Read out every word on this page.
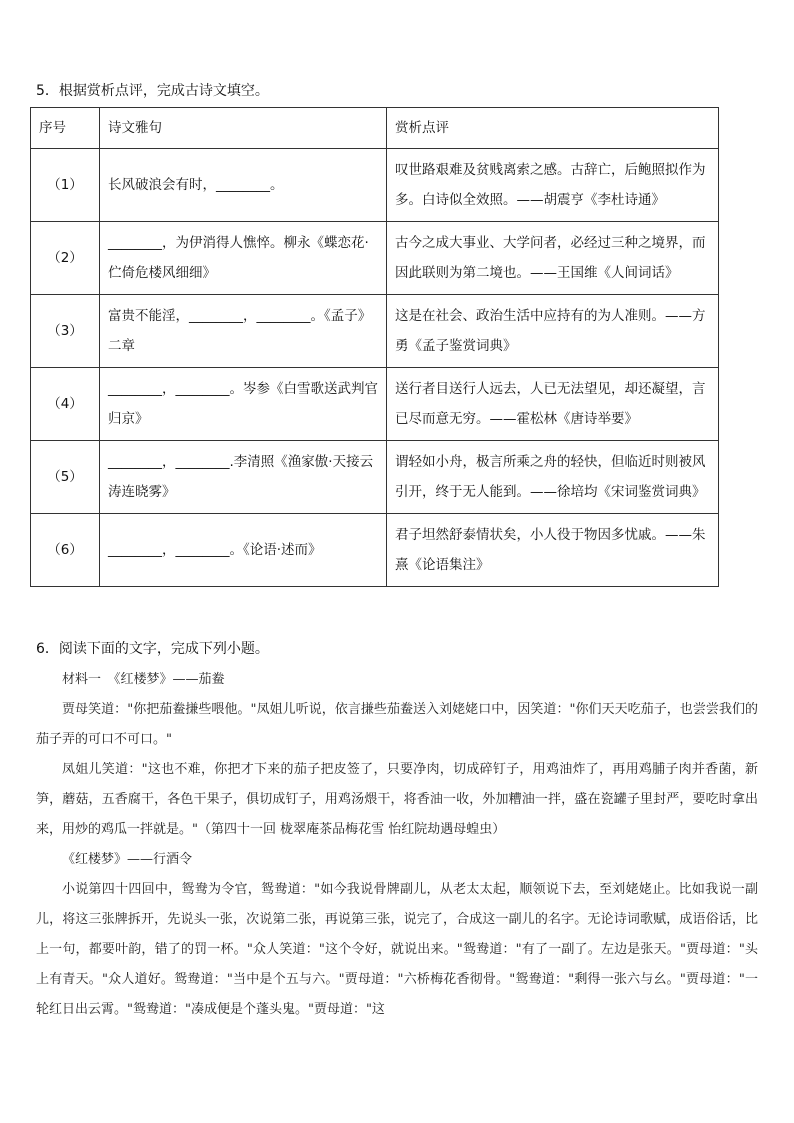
5．根据赏析点评，完成古诗文填空。
序号	诗文雅句	赏析点评
（1）	长风破浪会有时，________。	叹世路艰难及贫贱离索之感。古辞亡，后鲍照拟作为多。白诗似全效照。——胡震亨《李杜诗通》
（2）	________，为伊消得人憔悴。柳永《蝶恋花·伫倚危楼风细细》	古今之成大事业、大学问者，必经过三种之境界，而因此联则为第二境也。——王国维《人间词话》
（3）	富贵不能淫，________，________。《孟子》二章	这是在社会、政治生活中应持有的为人准则。——方勇《孟子鉴赏词典》
（4）	________，________。岑参《白雪歌送武判官归京》	送行者目送行人远去，人已无法望见，却还凝望，言已尽而意无穷。——霍松林《唐诗举要》
（5）	________，________.李清照《渔家傲·天接云涛连晓雾》	谓轻如小舟，极言所乘之舟的轻快，但临近时则被风引开，终于无人能到。——徐培均《宋词鉴赏词典》
（6）	________，________。《论语·述而》	君子坦然舒泰情状矣，小人役于物因多忧戚。——朱熹《论语集注》
6．阅读下面的文字，完成下列小题。

材料一　《红楼梦》——茄鲞

贾母笑道："你把茄鲞搛些喂他。"凤姐儿听说，依言搛些茄鲞送入刘姥姥口中，因笑道："你们天天吃茄子，也尝尝我们的茄子弄的可口不可口。"

凤姐儿笑道："这也不难，你把才下来的茄子把皮签了，只要净肉，切成碎钉子，用鸡油炸了，再用鸡脯子肉并香菌，新笋，蘑菇，五香腐干，各色干果子，俱切成钉子，用鸡汤煨干，将香油一收，外加糟油一拌，盛在瓷罐子里封严，要吃时拿出来，用炒的鸡瓜一拌就是。"（第四十一回 栊翠庵茶品梅花雪 怡红院劫遇母蝗虫）

《红楼梦》——行酒令

小说第四十四回中，鸳鸯为令官，鸳鸯道："如今我说骨牌副儿，从老太太起，顺领说下去，至刘姥姥止。比如我说一副儿，将这三张牌拆开，先说头一张，次说第二张，再说第三张，说完了，合成这一副儿的名字。无论诗词歌赋，成语俗话，比上一句，都要叶韵，错了的罚一杯。"众人笑道："这个令好，就说出来。"鸳鸯道："有了一副了。左边是张天。"贾母道："头上有青天。"众人道好。鸳鸯道："当中是个五与六。"贾母道："六桥梅花香彻骨。"鸳鸯道："剩得一张六与幺。"贾母道："一轮红日出云霄。"鸳鸯道："凑成便是个蓬头鬼。"贾母道："这
